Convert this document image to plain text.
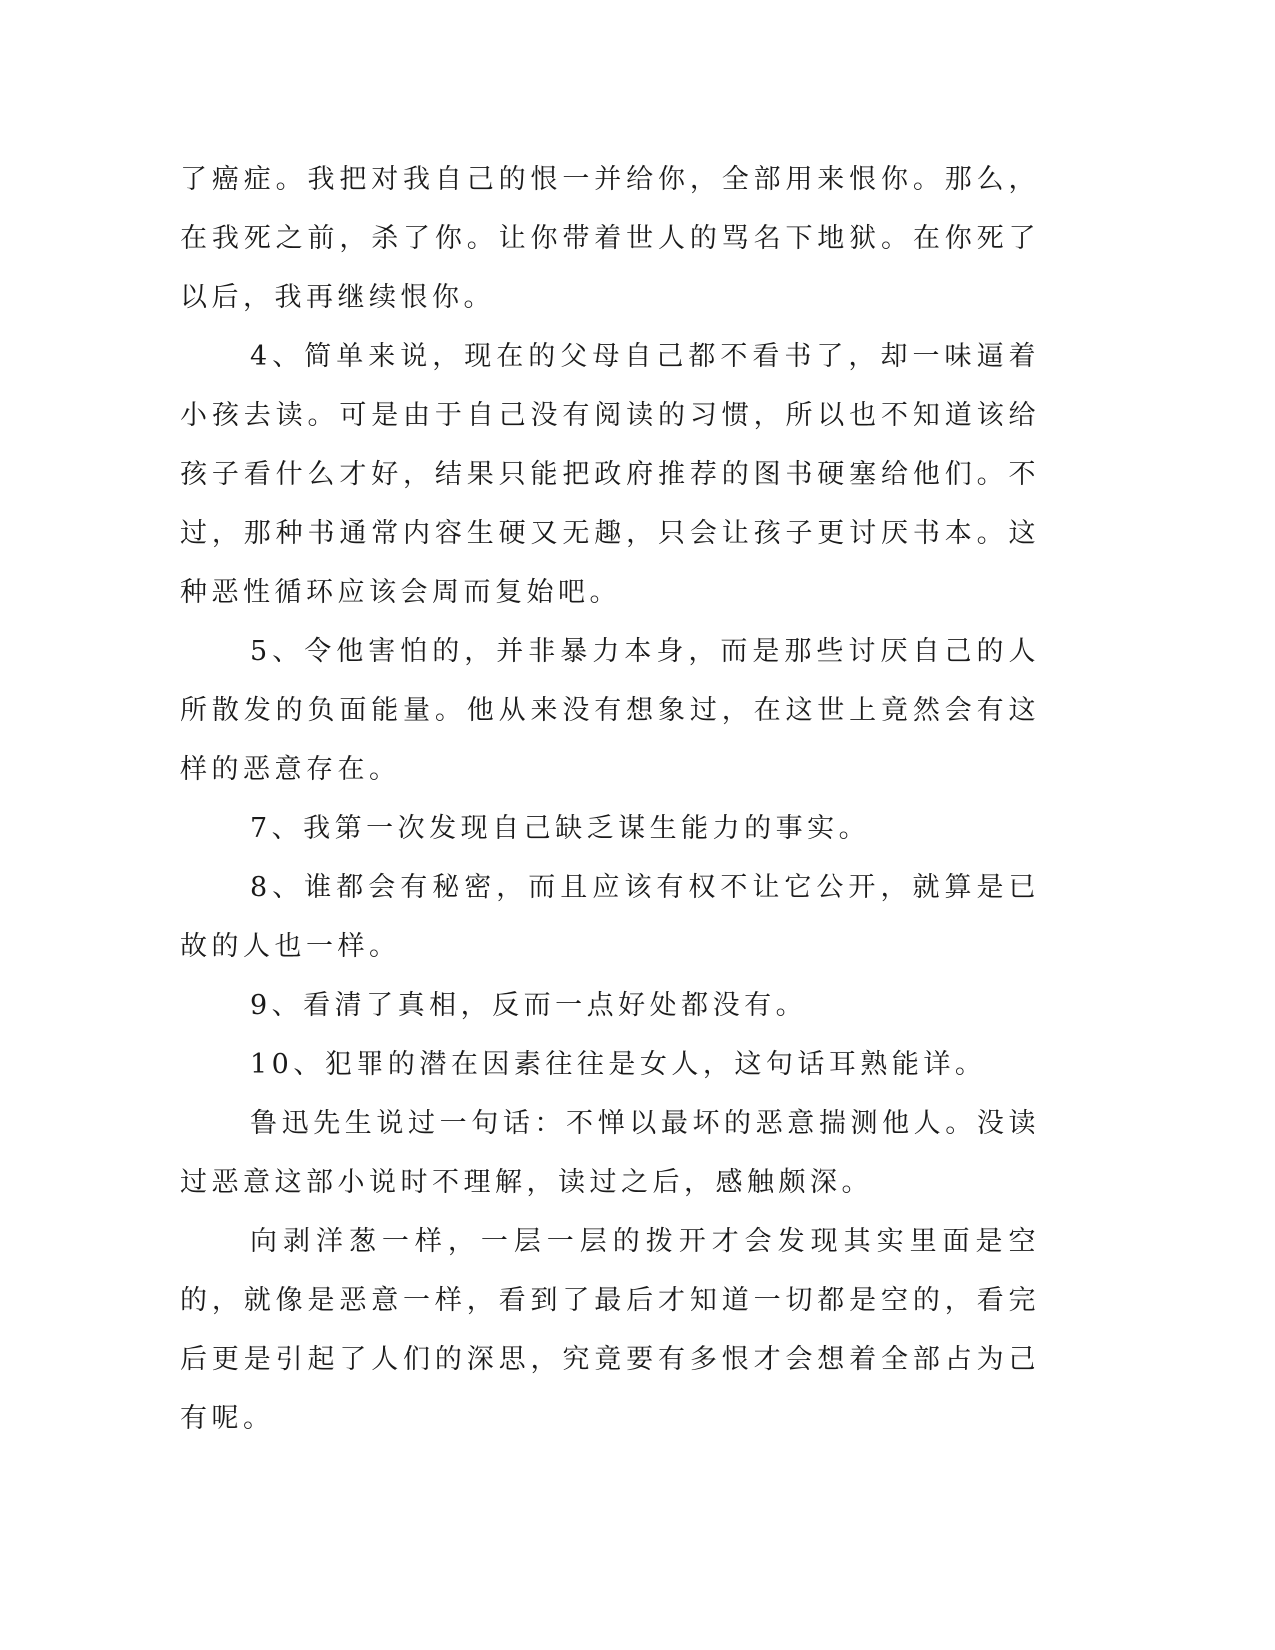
了癌症。我把对我自己的恨一并给你，全部用来恨你。那么，在我死之前，杀了你。让你带着世人的骂名下地狱。在你死了以后，我再继续恨你。

4、简单来说，现在的父母自己都不看书了，却一味逼着小孩去读。可是由于自己没有阅读的习惯，所以也不知道该给孩子看什么才好，结果只能把政府推荐的图书硬塞给他们。不过，那种书通常内容生硬又无趣，只会让孩子更讨厌书本。这种恶性循环应该会周而复始吧。

5、令他害怕的，并非暴力本身，而是那些讨厌自己的人所散发的负面能量。他从来没有想象过，在这世上竟然会有这样的恶意存在。

7、我第一次发现自己缺乏谋生能力的事实。

8、谁都会有秘密，而且应该有权不让它公开，就算是已故的人也一样。

9、看清了真相，反而一点好处都没有。

10、犯罪的潜在因素往往是女人，这句话耳熟能详。

鲁迅先生说过一句话：不惮以最坏的恶意揣测他人。没读过恶意这部小说时不理解，读过之后，感触颇深。

向剥洋葱一样，一层一层的拨开才会发现其实里面是空的，就像是恶意一样，看到了最后才知道一切都是空的，看完后更是引起了人们的深思，究竟要有多恨才会想着全部占为己有呢。
